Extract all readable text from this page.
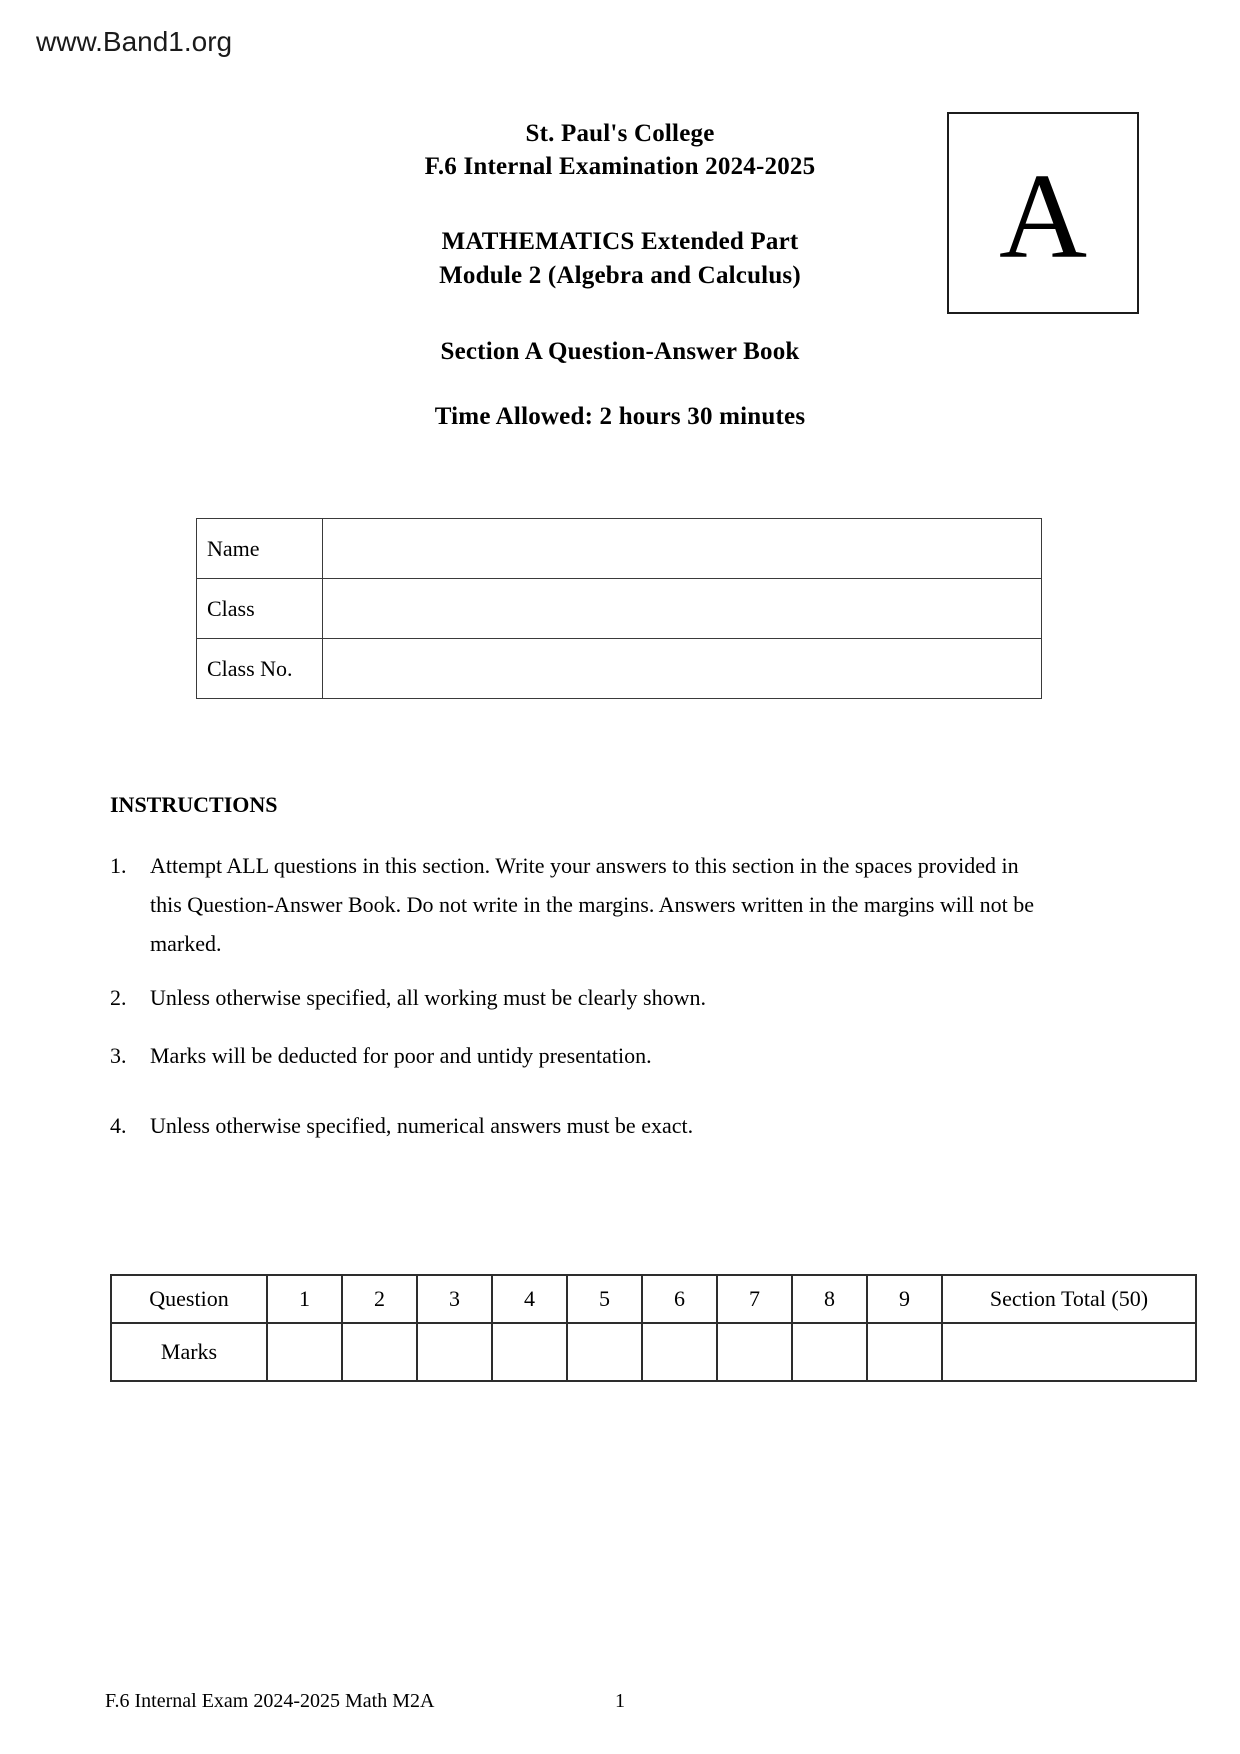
www.Band1.org
St. Paul's College
F.6 Internal Examination 2024-2025
MATHEMATICS Extended Part
Module 2 (Algebra and Calculus)
Section A Question-Answer Book
Time Allowed: 2 hours 30 minutes
A
Name	
Class	
Class No.	
INSTRUCTIONS
1. Attempt ALL questions in this section. Write your answers to this section in the spaces provided in this Question-Answer Book. Do not write in the margins. Answers written in the margins will not be marked.
2. Unless otherwise specified, all working must be clearly shown.
3. Marks will be deducted for poor and untidy presentation.
4. Unless otherwise specified, numerical answers must be exact.
Question	1	2	3	4	5	6	7	8	9	Section Total (50)
Marks										
F.6 Internal Exam 2024-2025 Math M2A	1
